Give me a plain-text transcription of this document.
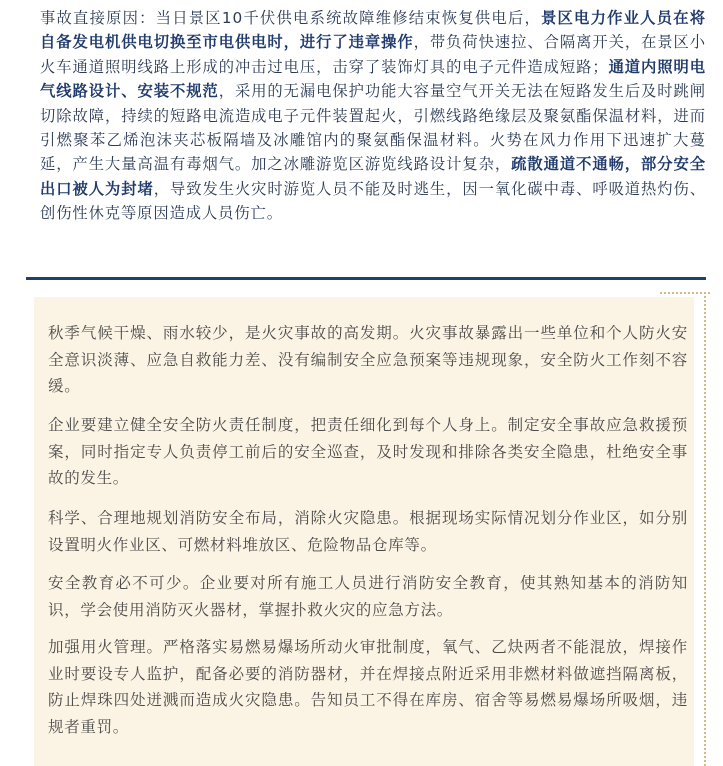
事故直接原因：当日景区10千伏供电系统故障维修结束恢复供电后，景区电力作业人员在将自备发电机供电切换至市电供电时，进行了违章操作，带负荷快速拉、合隔离开关，在景区小火车通道照明线路上形成的冲击过电压，击穿了装饰灯具的电子元件造成短路；通道内照明电气线路设计、安装不规范，采用的无漏电保护功能大容量空气开关无法在短路发生后及时跳闸切除故障，持续的短路电流造成电子元件装置起火，引燃线路绝缘层及聚氨酯保温材料，进而引燃聚苯乙烯泡沫夹芯板隔墙及冰雕馆内的聚氨酯保温材料。火势在风力作用下迅速扩大蔓延，产生大量高温有毒烟气。加之冰雕游览区游览线路设计复杂，疏散通道不通畅，部分安全出口被人为封堵，导致发生火灾时游览人员不能及时逃生，因一氧化碳中毒、呼吸道热灼伤、创伤性休克等原因造成人员伤亡。

秋季气候干燥、雨水较少，是火灾事故的高发期。火灾事故暴露出一些单位和个人防火安全意识淡薄、应急自救能力差、没有编制安全应急预案等违规现象，安全防火工作刻不容缓。

企业要建立健全安全防火责任制度，把责任细化到每个人身上。制定安全事故应急救援预案，同时指定专人负责停工前后的安全巡查，及时发现和排除各类安全隐患，杜绝安全事故的发生。

科学、合理地规划消防安全布局，消除火灾隐患。根据现场实际情况划分作业区，如分别设置明火作业区、可燃材料堆放区、危险物品仓库等。

安全教育必不可少。企业要对所有施工人员进行消防安全教育，使其熟知基本的消防知识，学会使用消防灭火器材，掌握扑救火灾的应急方法。

加强用火管理。严格落实易燃易爆场所动火审批制度，氧气、乙炔两者不能混放，焊接作业时要设专人监护，配备必要的消防器材，并在焊接点附近采用非燃材料做遮挡隔离板，防止焊珠四处迸溅而造成火灾隐患。告知员工不得在库房、宿舍等易燃易爆场所吸烟，违规者重罚。
